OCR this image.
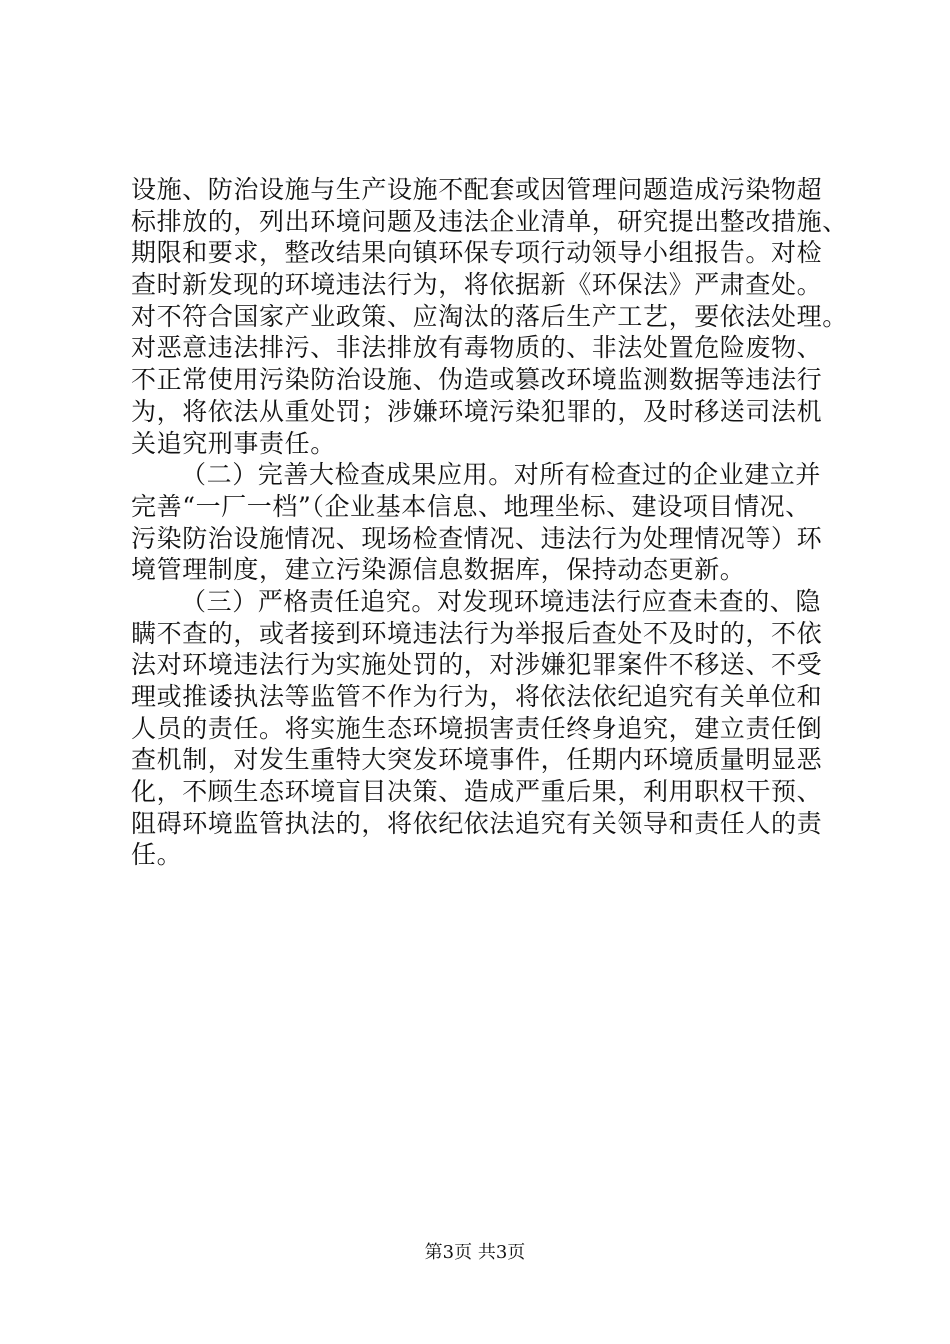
设施、防治设施与生产设施不配套或因管理问题造成污染物超
标排放的，列出环境问题及违法企业清单，研究提出整改措施、
期限和要求，整改结果向镇环保专项行动领导小组报告。对检
查时新发现的环境违法行为，将依据新《环保法》严肃查处。
对不符合国家产业政策、应淘汰的落后生产工艺，要依法处理。
对恶意违法排污、非法排放有毒物质的、非法处置危险废物、
不正常使用污染防治设施、伪造或篡改环境监测数据等违法行
为，将依法从重处罚；涉嫌环境污染犯罪的，及时移送司法机
关追究刑事责任。
（二）完善大检查成果应用。对所有检查过的企业建立并
完善“一厂一档”（企业基本信息、地理坐标、建设项目情况、
污染防治设施情况、现场检查情况、违法行为处理情况等）环
境管理制度，建立污染源信息数据库，保持动态更新。
（三）严格责任追究。对发现环境违法行应查未查的、隐
瞒不查的，或者接到环境违法行为举报后查处不及时的，不依
法对环境违法行为实施处罚的，对涉嫌犯罪案件不移送、不受
理或推诿执法等监管不作为行为，将依法依纪追究有关单位和
人员的责任。将实施生态环境损害责任终身追究，建立责任倒
查机制，对发生重特大突发环境事件，任期内环境质量明显恶
化，不顾生态环境盲目决策、造成严重后果，利用职权干预、
阻碍环境监管执法的，将依纪依法追究有关领导和责任人的责
任。
第3页 共3页
